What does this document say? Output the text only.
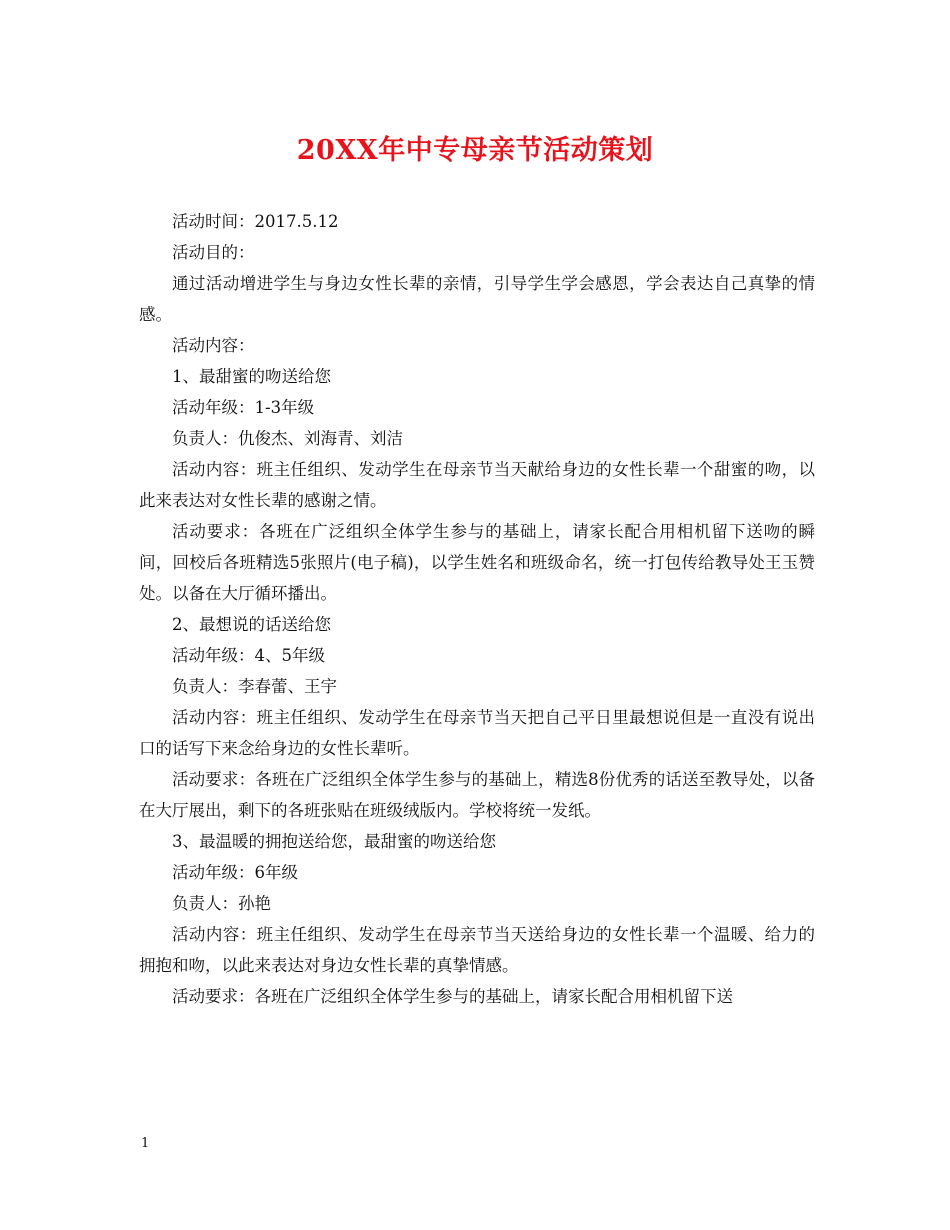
20XX年中专母亲节活动策划

活动时间：2017.5.12

活动目的：

通过活动增进学生与身边女性长辈的亲情，引导学生学会感恩，学会表达自己真挚的情感。

活动内容：

1、最甜蜜的吻送给您

活动年级：1-3年级

负责人：仇俊杰、刘海青、刘洁

活动内容：班主任组织、发动学生在母亲节当天献给身边的女性长辈一个甜蜜的吻，以此来表达对女性长辈的感谢之情。

活动要求：各班在广泛组织全体学生参与的基础上，请家长配合用相机留下送吻的瞬间，回校后各班精选5张照片(电子稿)，以学生姓名和班级命名，统一打包传给教导处王玉赞处。以备在大厅循环播出。

2、最想说的话送给您

活动年级：4、5年级

负责人：李春蕾、王宇

活动内容：班主任组织、发动学生在母亲节当天把自己平日里最想说但是一直没有说出口的话写下来念给身边的女性长辈听。

活动要求：各班在广泛组织全体学生参与的基础上，精选8份优秀的话送至教导处，以备在大厅展出，剩下的各班张贴在班级绒版内。学校将统一发纸。

3、最温暖的拥抱送给您，最甜蜜的吻送给您

活动年级：6年级

负责人：孙艳

活动内容：班主任组织、发动学生在母亲节当天送给身边的女性长辈一个温暖、给力的拥抱和吻，以此来表达对身边女性长辈的真挚情感。

活动要求：各班在广泛组织全体学生参与的基础上，请家长配合用相机留下送

1
